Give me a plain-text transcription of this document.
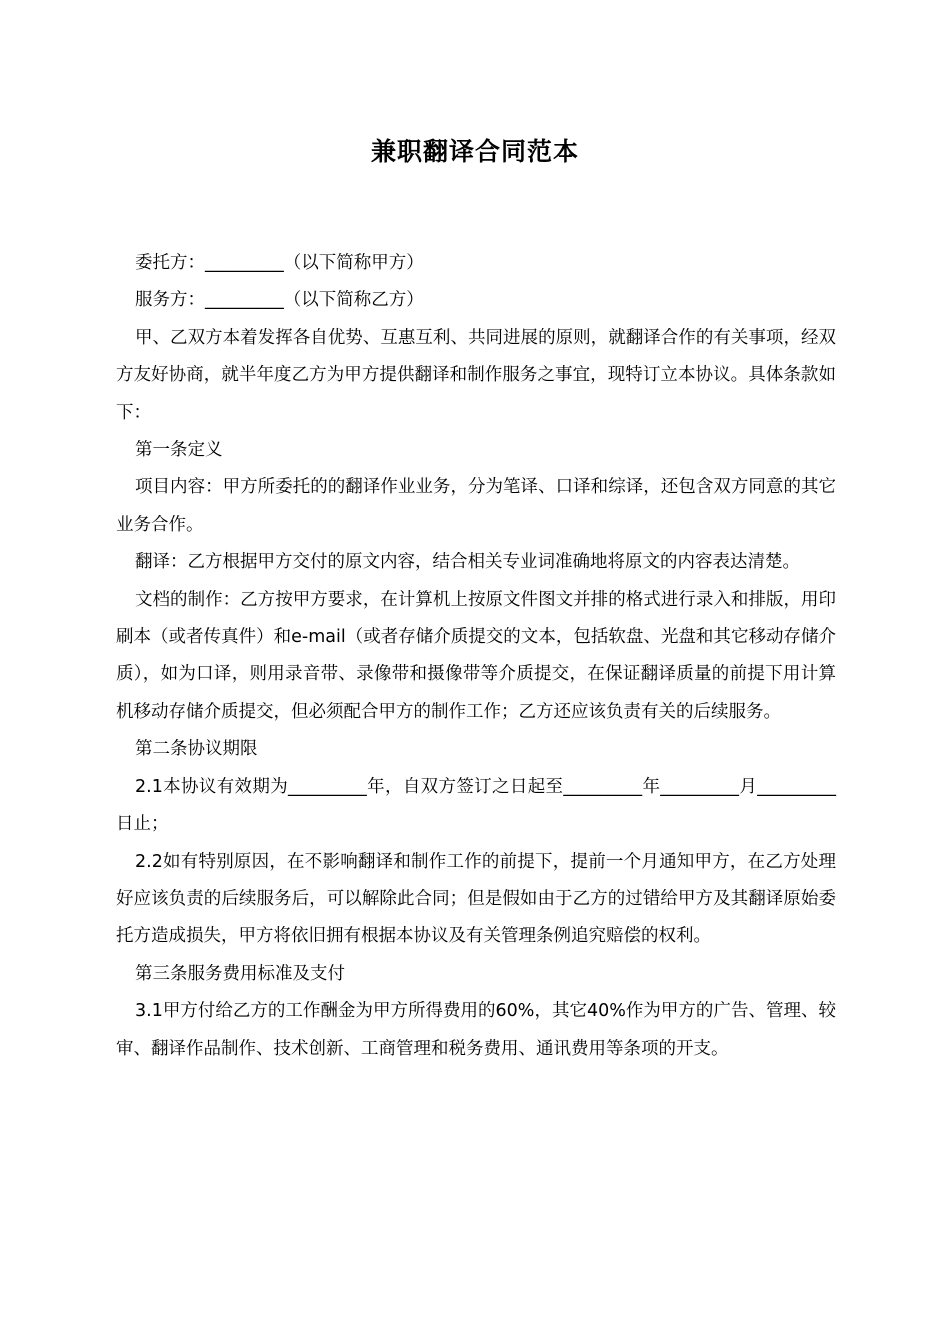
兼职翻译合同范本

委托方：_________（以下简称甲方）

服务方：_________（以下简称乙方）

甲、乙双方本着发挥各自优势、互惠互利、共同进展的原则，就翻译合作的有关事项，经双方友好协商，就半年度乙方为甲方提供翻译和制作服务之事宜，现特订立本协议。具体条款如下：

第一条定义

项目内容：甲方所委托的的翻译作业业务，分为笔译、口译和综译，还包含双方同意的其它业务合作。

翻译：乙方根据甲方交付的原文内容，结合相关专业词准确地将原文的内容表达清楚。

文档的制作：乙方按甲方要求，在计算机上按原文件图文并排的格式进行录入和排版，用印刷本（或者传真件）和e-mail（或者存储介质提交的文本，包括软盘、光盘和其它移动存储介质），如为口译，则用录音带、录像带和摄像带等介质提交，在保证翻译质量的前提下用计算机移动存储介质提交，但必须配合甲方的制作工作；乙方还应该负责有关的后续服务。

第二条协议期限

2.1本协议有效期为_________年，自双方签订之日起至_________年_________月_________日止；

2.2如有特别原因，在不影响翻译和制作工作的前提下，提前一个月通知甲方，在乙方处理好应该负责的后续服务后，可以解除此合同；但是假如由于乙方的过错给甲方及其翻译原始委托方造成损失，甲方将依旧拥有根据本协议及有关管理条例追究赔偿的权利。

第三条服务费用标准及支付

3.1甲方付给乙方的工作酬金为甲方所得费用的60%，其它40%作为甲方的广告、管理、较审、翻译作品制作、技术创新、工商管理和税务费用、通讯费用等条项的开支。
